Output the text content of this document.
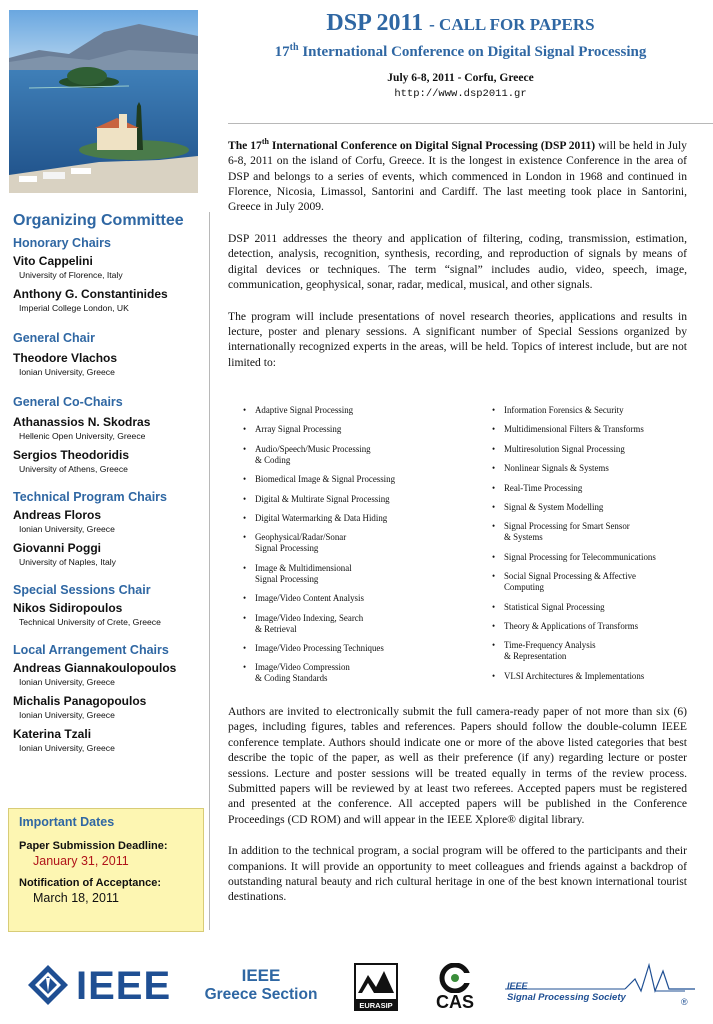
Organizing Committee

Honorary Chairs

Vito Cappelini

University of Florence, Italy

Anthony G. Constantinides

Imperial College London, UK

General Chair

Theodore Vlachos

Ionian University, Greece

General Co-Chairs

Athanassios N. Skodras

Hellenic Open University, Greece

Sergios Theodoridis

University of Athens, Greece

Technical Program Chairs

Andreas Floros

Ionian University, Greece

Giovanni Poggi

University of Naples, Italy

Special Sessions Chair

Nikos Sidiropoulos

Technical University of Crete, Greece

Local Arrangement Chairs

Andreas Giannakoulopoulos

Ionian University, Greece

Michalis Panagopoulos

Ionian University, Greece

Katerina Tzali

Ionian University, Greece

Important Dates

Paper Submission Deadline:

January 31, 2011

Notification of Acceptance:

March 18, 2011

DSP 2011 - CALL FOR PAPERS

17th International Conference on Digital Signal Processing

July 6-8, 2011 - Corfu, Greece

http://www.dsp2011.gr

The 17th International Conference on Digital Signal Processing (DSP 2011) will be held in July 6-8, 2011 on the island of Corfu, Greece. It is the longest in existence Conference in the area of DSP and belongs to a series of events, which commenced in London in 1968 and continued in Florence, Nicosia, Limassol, Santorini and Cardiff. The last meeting took place in Santorini, Greece in July 2009.

DSP 2011 addresses the theory and application of filtering, coding, transmission, estimation, detection, analysis, recognition, synthesis, recording, and reproduction of signals by means of digital devices or techniques. The term “signal” includes audio, video, speech, image, communication, geophysical, sonar, radar, medical, musical, and other signals.

The program will include presentations of novel research theories, applications and results in lecture, poster and plenary sessions. A significant number of Special Sessions organized by internationally recognized experts in the areas, will be held. Topics of interest include, but are not limited to:

• Adaptive Signal Processing
• Array Signal Processing
• Audio/Speech/Music Processing
& Coding
• Biomedical Image & Signal Processing
• Digital & Multirate Signal Processing
• Digital Watermarking & Data Hiding
• Geophysical/Radar/Sonar
Signal Processing
• Image & Multidimensional
Signal Processing
• Image/Video Content Analysis
• Image/Video Indexing, Search
& Retrieval
• Image/Video Processing Techniques
• Image/Video Compression
& Coding Standards
• Information Forensics & Security
• Multidimensional Filters & Transforms
• Multiresolution Signal Processing
• Nonlinear Signals & Systems
• Real-Time Processing
• Signal & System Modelling
• Signal Processing for Smart Sensor
& Systems
• Signal Processing for Telecommunications
• Social Signal Processing & Affective
Computing
• Statistical Signal Processing
• Theory & Applications of Transforms
• Time-Frequency Analysis
& Representation
• VLSI Architectures & Implementations

Authors are invited to electronically submit the full camera-ready paper of not more than six (6) pages, including figures, tables and references. Papers should follow the double-column IEEE conference template. Authors should indicate one or more of the above listed categories that best describe the topic of the paper, as well as their preference (if any) regarding lecture or poster sessions. Lecture and poster sessions will be treated equally in terms of the review process. Submitted papers will be reviewed by at least two referees. Accepted papers must be registered and presented at the conference. All accepted papers will be published in the Conference Proceedings (CD ROM) and will appear in the IEEE Xplore® digital library.

In addition to the technical program, a social program will be offered to the participants and their companions. It will provide an opportunity to meet colleagues and friends against a backdrop of outstanding natural beauty and rich cultural heritage in one of the best known international tourist destinations.

IEEE	IEEE
Greece Section
EURASIP	CAS
IEEE
Signal Processing Society	®
